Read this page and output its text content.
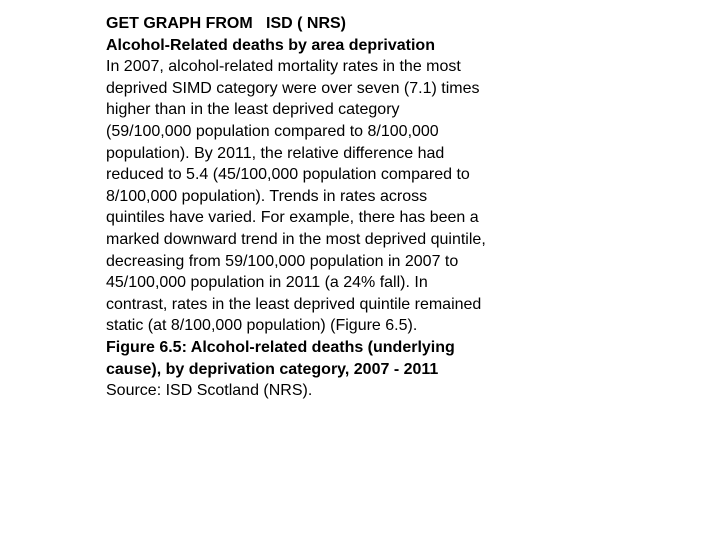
GET GRAPH FROM   ISD ( NRS)
Alcohol-Related deaths by area deprivation
In 2007, alcohol-related mortality rates in the most
deprived SIMD category were over seven (7.1) times
higher than in the least deprived category
(59/100,000 population compared to 8/100,000
population). By 2011, the relative difference had
reduced to 5.4 (45/100,000 population compared to
8/100,000 population). Trends in rates across
quintiles have varied. For example, there has been a
marked downward trend in the most deprived quintile,
decreasing from 59/100,000 population in 2007 to
45/100,000 population in 2011 (a 24% fall). In
contrast, rates in the least deprived quintile remained
static (at 8/100,000 population) (Figure 6.5).
Figure 6.5: Alcohol-related deaths (underlying
cause), by deprivation category, 2007 - 2011
Source: ISD Scotland (NRS).
